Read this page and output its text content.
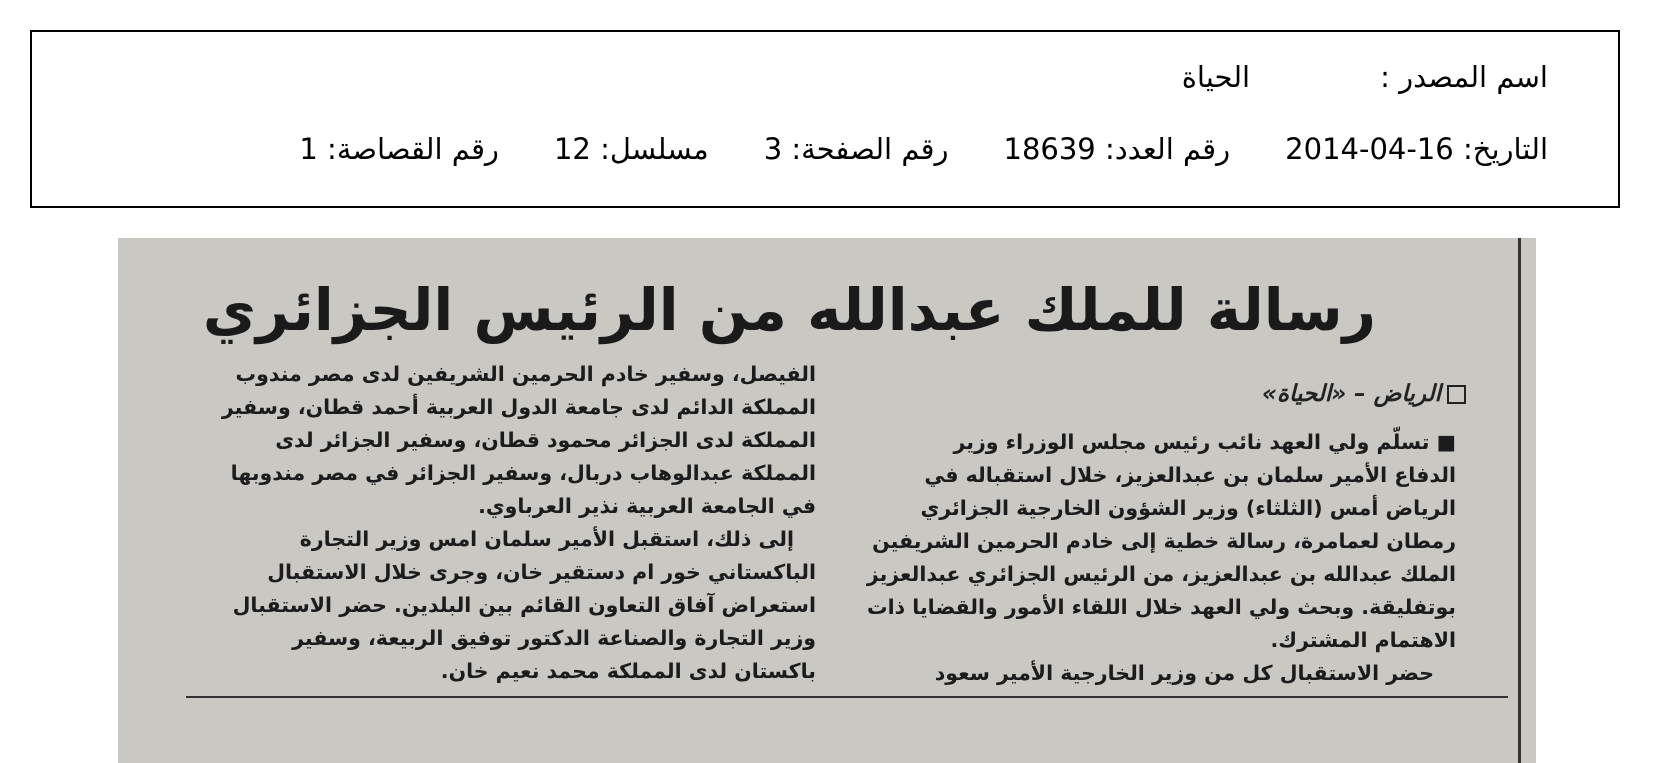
اسم المصدر :الحياة
التاريخ: 16-04-2014رقم العدد: 18639رقم الصفحة: 3مسلسل: 12رقم القصاصة: 1
رسالة للملك عبدالله من الرئيس الجزائري
الرياض – «الحياة»
■ تسلّم ولي العهد نائب رئيس مجلس الوزراء وزير
الدفاع الأمير سلمان بن عبدالعزيز، خلال استقباله في
الرياض أمس (الثلثاء) وزير الشؤون الخارجية الجزائري
رمطان لعمامرة، رسالة خطية إلى خادم الحرمين الشريفين
الملك عبدالله بن عبدالعزيز، من الرئيس الجزائري عبدالعزيز
بوتفليقة. وبحث ولي العهد خلال اللقاء الأمور والقضايا ذات
الاهتمام المشترك.
حضر الاستقبال كل من وزير الخارجية الأمير سعود
الفيصل، وسفير خادم الحرمين الشريفين لدى مصر مندوب
المملكة الدائم لدى جامعة الدول العربية أحمد قطان، وسفير
المملكة لدى الجزائر محمود قطان، وسفير الجزائر لدى
المملكة عبدالوهاب دربال، وسفير الجزائر في مصر مندوبها
في الجامعة العربية نذير العرباوي.
إلى ذلك، استقبل الأمير سلمان امس وزير التجارة
الباكستاني خور ام دستقير خان، وجرى خلال الاستقبال
استعراض آفاق التعاون القائم بين البلدين. حضر الاستقبال
وزير التجارة والصناعة الدكتور توفيق الربيعة، وسفير
باكستان لدى المملكة محمد نعيم خان.
